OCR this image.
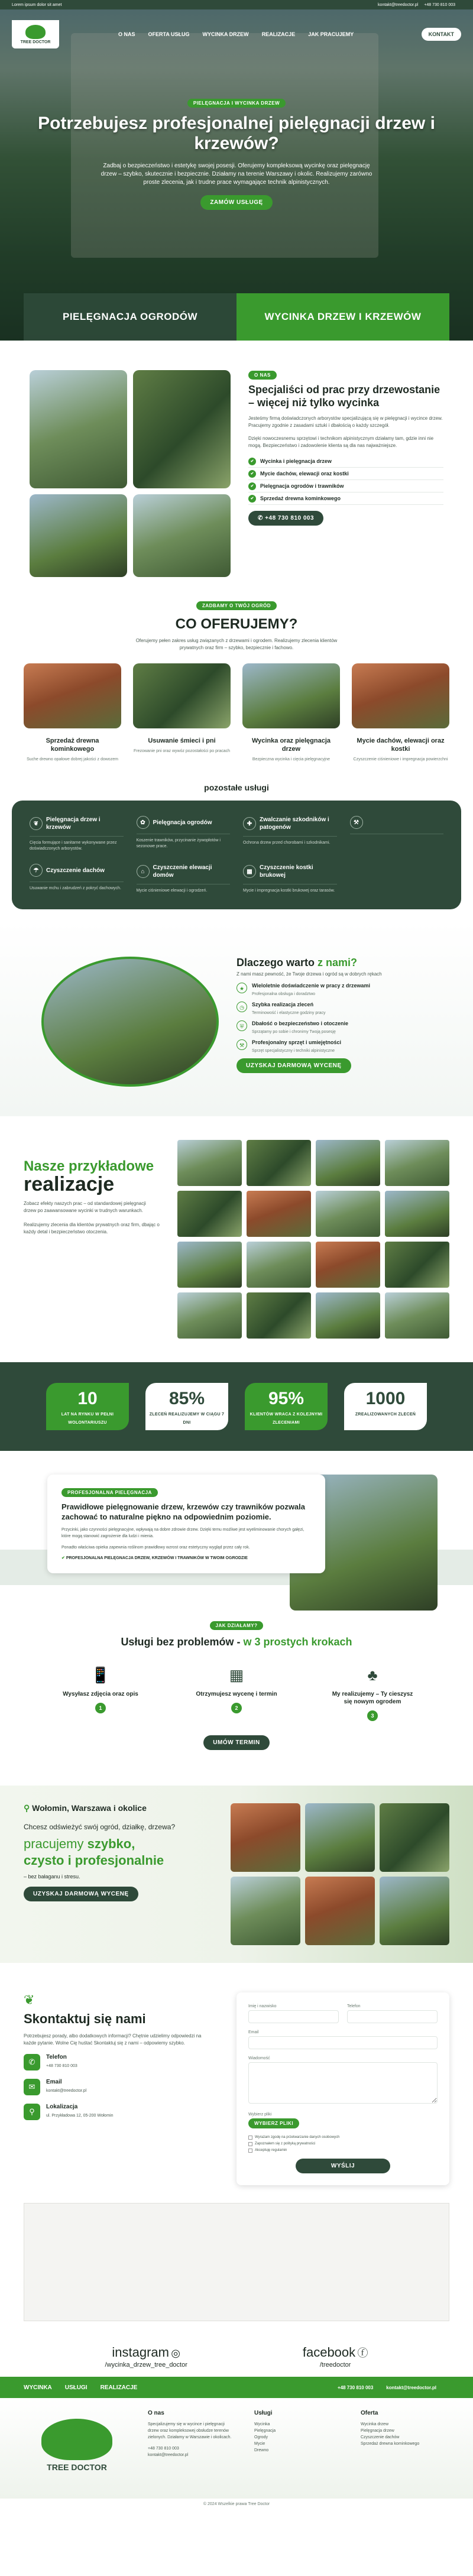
Lorem ipsum dolor sit amet	kontakt@treedoctor.pl +48 730 810 003
TREE DOCTOR
O NAS OFERTA USŁUG WYCINKA DRZEW REALIZACJE JAK PRACUJEMY	KONTAKT
PIELĘGNACJA I WYCINKA DRZEW
Potrzebujesz profesjonalnej pielęgnacji drzew i krzewów?

Zadbaj o bezpieczeństwo i estetykę swojej posesji. Oferujemy kompleksową wycinkę oraz pielęgnację drzew – szybko, skutecznie i bezpiecznie. Działamy na terenie Warszawy i okolic. Realizujemy zarówno proste zlecenia, jak i trudne prace wymagające technik alpinistycznych.

ZAMÓW USŁUGĘ
PIELĘGNACJA OGRODÓW	WYCINKA DRZEW I KRZEWÓW
O NAS
Specjaliści od prac przy drzewostanie – więcej niż tylko wycinka

Jesteśmy firmą doświadczonych arborystów specjalizującą się w pielęgnacji i wycince drzew. Pracujemy zgodnie z zasadami sztuki i dbałością o każdy szczegół.

Dzięki nowoczesnemu sprzętowi i technikom alpinistycznym działamy tam, gdzie inni nie mogą. Bezpieczeństwo i zadowolenie klienta są dla nas najważniejsze.

✔ Wycinka i pielęgnacja drzew
✔ Mycie dachów, elewacji oraz kostki
✔ Pielęgnacja ogrodów i trawników
✔ Sprzedaż drewna kominkowego
✆ +48 730 810 003
ZADBAMY O TWÓJ OGRÓD
CO OFERUJEMY?

Oferujemy pełen zakres usług związanych z drzewami i ogrodem. Realizujemy zlecenia klientów prywatnych oraz firm – szybko, bezpiecznie i fachowo.

Sprzedaż drewna kominkowego

Suche drewno opałowe dobrej jakości z dowozem

Usuwanie śmieci i pni

Frezowanie pni oraz wywóz pozostałości po pracach

Wycinka oraz pielęgnacja drzew

Bezpieczna wycinka i cięcia pielęgnacyjne

Mycie dachów, elewacji oraz kostki

Czyszczenie ciśnieniowe i impregnacja powierzchni

pozostałe usługi
❦
Pielęgnacja drzew i krzewów

Cięcia formujące i sanitarne wykonywane przez doświadczonych arborystów.

✿	Pielęgnacja ogrodów

Koszenie trawników, przycinanie żywopłotów i sezonowe prace.

✚
Zwalczanie szkodników i patogenów

Ochrona drzew przed chorobami i szkodnikami.

⚒

☂	Czyszczenie dachów

Usuwanie mchu i zabrudzeń z pokryć dachowych.

⌂
Czyszczenie elewacji domów

Mycie ciśnieniowe elewacji i ogrodzeń.

▦
Czyszczenie kostki brukowej

Mycie i impregnacja kostki brukowej oraz tarasów.

Dlaczego warto z nami?
Z nami masz pewność, że Twoje drzewa i ogród są w dobrych rękach
★	Wieloletnie doświadczenie w pracy z drzewami
Profesjonalna obsługa i doradztwo
◷	Szybka realizacja zleceń
Terminowość i elastyczne godziny pracy
⛨	Dbałość o bezpieczeństwo i otoczenie
Sprzątamy po sobie i chronimy Twoją posesję
⚒	Profesjonalny sprzęt i umiejętności
Sprzęt specjalistyczny i techniki alpinistyczne
UZYSKAJ DARMOWĄ WYCENĘ
Nasze przykładowe
realizacje

Zobacz efekty naszych prac – od standardowej pielęgnacji drzew po zaawansowane wycinki w trudnych warunkach.

Realizujemy zlecenia dla klientów prywatnych oraz firm, dbając o każdy detal i bezpieczeństwo otoczenia.

10
LAT NA RYNKU W PEŁNI WOLONTARIUSZU
85%
ZLECEŃ REALIZUJEMY W CIĄGU 7 DNI
95%
KLIENTÓW WRACA Z KOLEJNYMI ZLECENIAMI
1000
ZREALIZOWANYCH ZLECEŃ
PROFESJONALNA PIELĘGNACJA
Prawidłowe pielęgnowanie drzew, krzewów czy trawników pozwala zachować to naturalne piękno na odpowiednim poziomie.

Przycinki, jako czynności pielęgnacyjne, wpływają na dobre zdrowie drzew. Dzięki temu możliwe jest wyeliminowanie chorych gałęzi, które mogą stanowić zagrożenie dla ludzi i mienia.

Ponadto właściwa opieka zapewnia roślinom prawidłowy wzrost oraz estetyczny wygląd przez cały rok.

✔ PROFESJONALNA PIELĘGNACJA DRZEW, KRZEWÓW I TRAWNIKÓW W TWOIM OGRODZIE
JAK DZIAŁAMY?
Usługi bez problemów - w 3 prostych krokach
📱
Wysyłasz zdjęcia oraz opis
1
▦
Otrzymujesz wycenę i termin
2
♣
My realizujemy – Ty cieszysz się nowym ogrodem
3
UMÓW TERMIN
⚲ Wołomin, Warszawa i okolice
Chcesz odświeżyć swój ogród, działkę, drzewa?
pracujemy szybko,
czysto i profesjonalnie
– bez bałaganu i stresu.
UZYSKAJ DARMOWĄ WYCENĘ
❦
Skontaktuj się nami

Potrzebujesz porady, albo dodatkowych informacji? Chętnie udzielimy odpowiedzi na każde pytanie. Wolne Cię huśtać Skontaktuj się z nami – odpowiemy szybko.

✆
Telefon
+48 730 810 003
✉
Email
kontakt@treedoctor.pl
⚲
Lokalizacja
ul. Przykładowa 12, 05-200 Wołomin
Imię i nazwisko	Telefon
Email
Wiadomość
Wybierz pliki
WYBIERZ PLIKI
Wyrażam zgodę na przetwarzanie danych osobowych
Zapoznałem się z polityką prywatności
Akceptuję regulamin
WYŚLIJ
instagram ◎
/wycinka_drzew_tree_doctor
facebook ⓕ
/treedoctor
WYCINKA USŁUGI REALIZACJE	+48 730 810 003	kontakt@treedoctor.pl
TREE DOCTOR
O nas

Specjalizujemy się w wycince i pielęgnacji drzew oraz kompleksowej obsłudze terenów zielonych. Działamy w Warszawie i okolicach.

+48 730 810 003

kontakt@treedoctor.pl

Usługi
Wycinka
Pielęgnacja
Ogrody
Mycie
Drewno
Oferta
Wycinka drzew
Pielęgnacja drzew
Czyszczenie dachów
Sprzedaż drewna kominkowego
© 2024 Wszelkie prawa Tree Doctor
